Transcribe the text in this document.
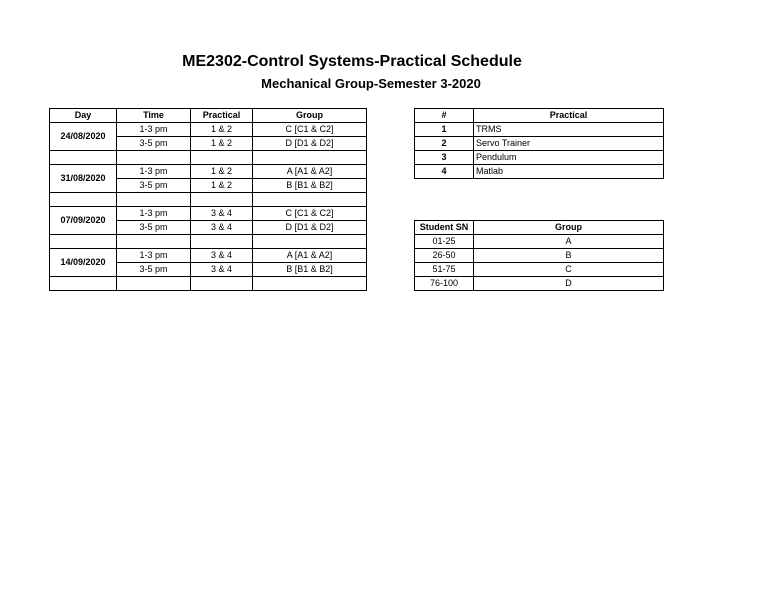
ME2302-Control Systems-Practical Schedule
Mechanical Group-Semester 3-2020
Day	Time	Practical	Group
24/08/2020	1-3 pm	1 & 2	C [C1 & C2]
	3-5 pm	1 & 2	D [D1 & D2]

31/08/2020	1-3 pm	1 & 2	A [A1 & A2]
	3-5 pm	1 & 2	B [B1 & B2]

07/09/2020	1-3 pm	3 & 4	C [C1 & C2]
	3-5 pm	3 & 4	D [D1 & D2]

14/09/2020	1-3 pm	3 & 4	A [A1 & A2]
	3-5 pm	3 & 4	B [B1 & B2]

#	Practical
1	TRMS
2	Servo Trainer
3	Pendulum
4	Matlab
Student SN	Group
01-25	A
26-50	B
51-75	C
76-100	D
